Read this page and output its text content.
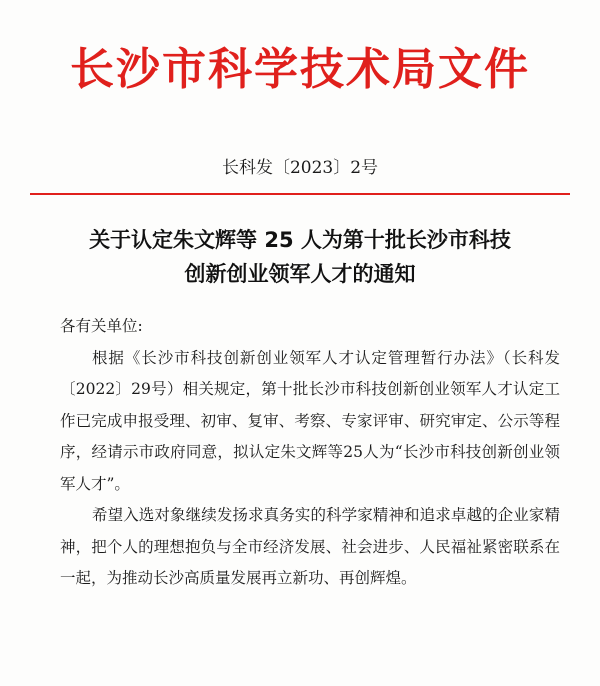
长沙市科学技术局文件
长科发〔2023〕2号
关于认定朱文辉等 25 人为第十批长沙市科技
创新创业领军人才的通知

各有关单位:

根据《长沙市科技创新创业领军人才认定管理暂行办法》（长科发〔2022〕29号）相关规定，第十批长沙市科技创新创业领军人才认定工作已完成申报受理、初审、复审、考察、专家评审、研究审定、公示等程序，经请示市政府同意，拟认定朱文辉等25人为“长沙市科技创新创业领军人才”。

希望入选对象继续发扬求真务实的科学家精神和追求卓越的企业家精神，把个人的理想抱负与全市经济发展、社会进步、人民福祉紧密联系在一起，为推动长沙高质量发展再立新功、再创辉煌。
